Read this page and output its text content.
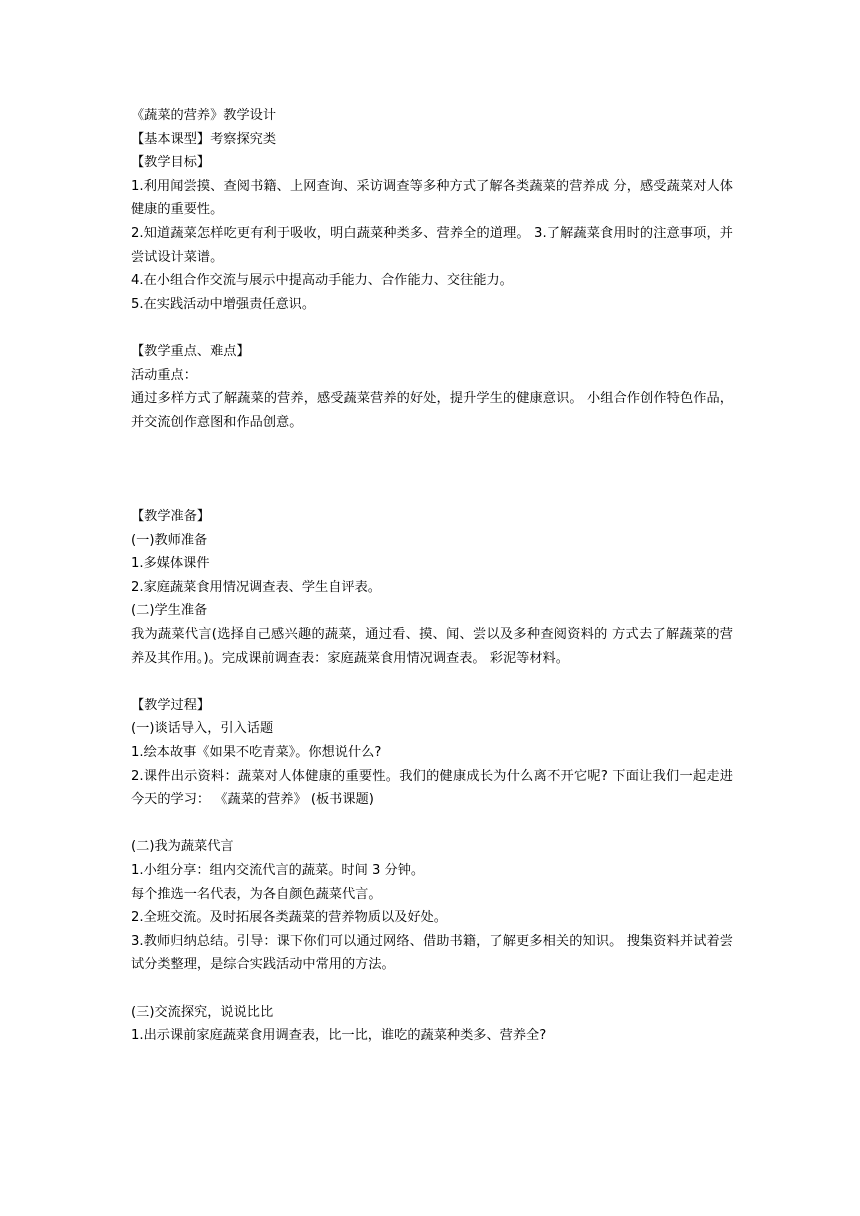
《蔬菜的营养》教学设计

【基本课型】考察探究类

【教学目标】

1.利用闻尝摸、查阅书籍、上网查询、采访调查等多种方式了解各类蔬菜的营养成 分，感受蔬菜对人体健康的重要性。

2.知道蔬菜怎样吃更有利于吸收，明白蔬菜种类多、营养全的道理。 3.了解蔬菜食用时的注意事项，并尝试设计菜谱。

4.在小组合作交流与展示中提高动手能力、合作能力、交往能力。

5.在实践活动中增强责任意识。

【教学重点、难点】

活动重点：

通过多样方式了解蔬菜的营养，感受蔬菜营养的好处，提升学生的健康意识。 小组合作创作特色作品，并交流创作意图和作品创意。

【教学准备】

(一)教师准备

1.多媒体课件

2.家庭蔬菜食用情况调查表、学生自评表。

(二)学生准备

我为蔬菜代言(选择自己感兴趣的蔬菜，通过看、摸、闻、尝以及多种查阅资料的 方式去了解蔬菜的营养及其作用。)。完成课前调查表：家庭蔬菜食用情况调查表。 彩泥等材料。

【教学过程】

(一)谈话导入，引入话题

1.绘本故事《如果不吃青菜》。你想说什么?

2.课件出示资料：蔬菜对人体健康的重要性。我们的健康成长为什么离不开它呢? 下面让我们一起走进今天的学习： 《蔬菜的营养》 (板书课题)

(二)我为蔬菜代言

1.小组分享：组内交流代言的蔬菜。时间 3 分钟。

每个推选一名代表，为各自颜色蔬菜代言。

2.全班交流。及时拓展各类蔬菜的营养物质以及好处。

3.教师归纳总结。引导：课下你们可以通过网络、借助书籍，了解更多相关的知识。 搜集资料并试着尝试分类整理，是综合实践活动中常用的方法。

(三)交流探究，说说比比

1.出示课前家庭蔬菜食用调查表，比一比，谁吃的蔬菜种类多、营养全?
